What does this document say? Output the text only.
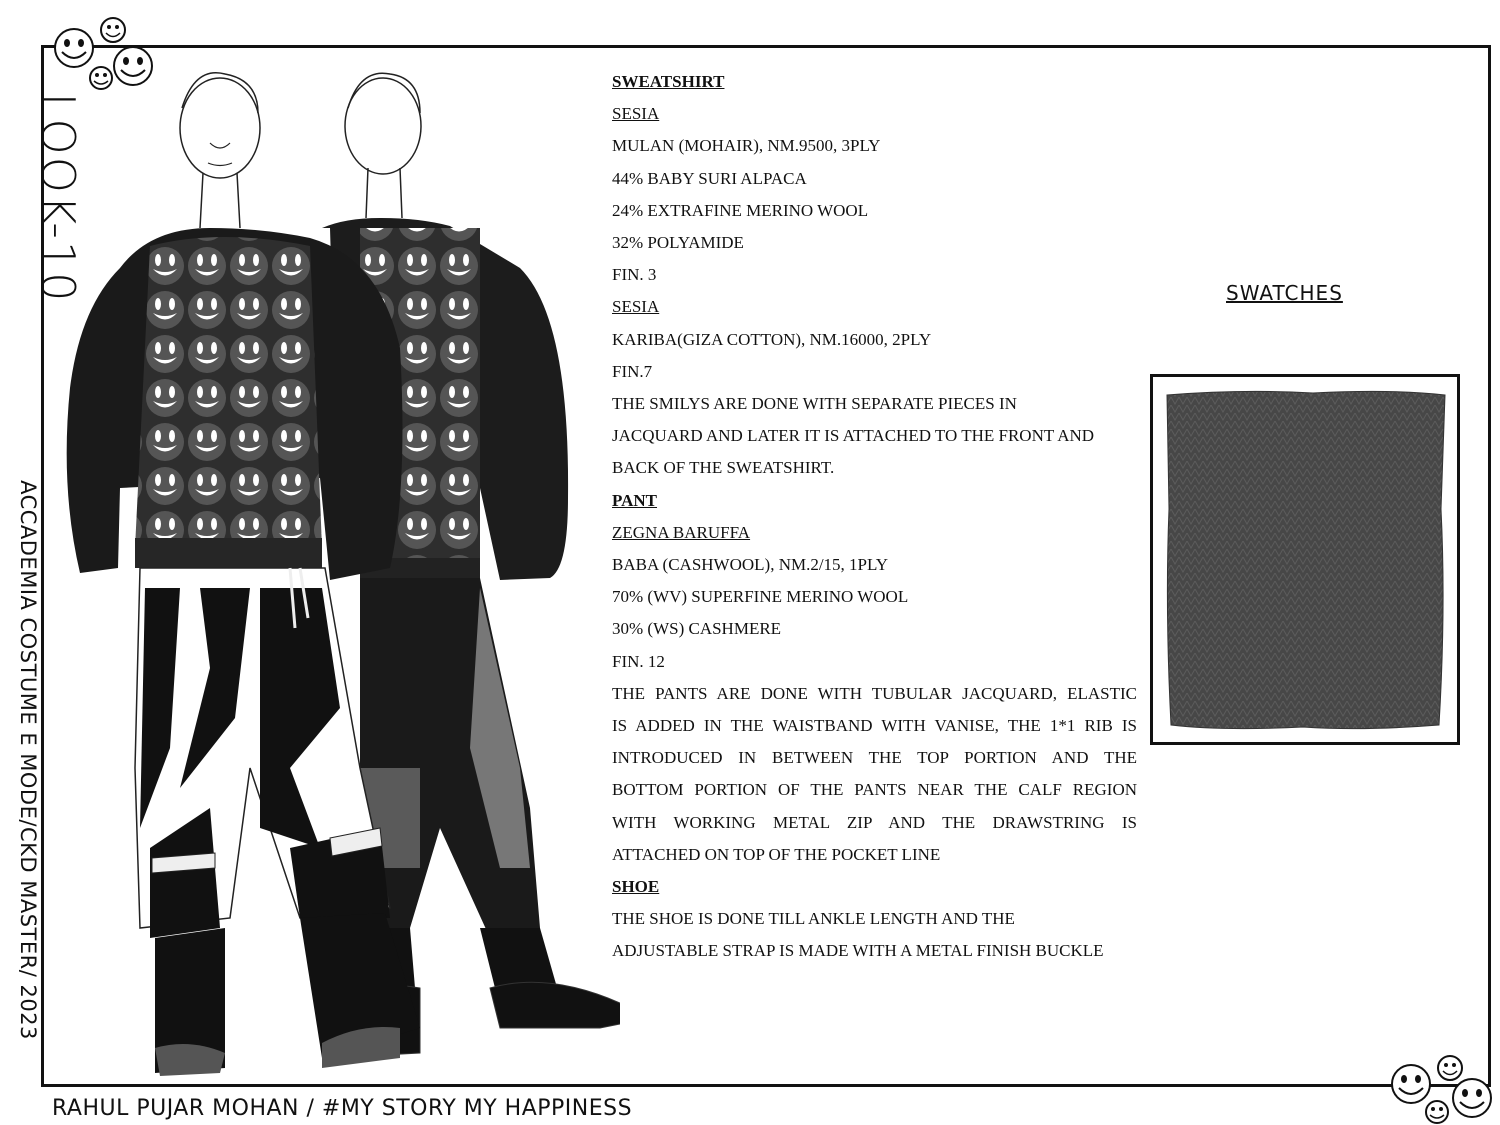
LOOK-10
ACCADEMIA COSTUME E MODE/CKD MASTER/ 2023
SWEATSHIRT
SESIA
MULAN (MOHAIR), NM.9500, 3PLY
44% BABY SURI ALPACA
24% EXTRAFINE MERINO WOOL
32% POLYAMIDE
FIN. 3
SESIA
KARIBA(GIZA COTTON), NM.16000, 2PLY
FIN.7
THE SMILYS ARE DONE WITH SEPARATE PIECES IN
JACQUARD AND LATER IT IS ATTACHED TO THE FRONT AND
BACK OF THE SWEATSHIRT.
PANT
ZEGNA BARUFFA
BABA (CASHWOOL), NM.2/15, 1PLY
70% (WV) SUPERFINE MERINO WOOL
30% (WS) CASHMERE
FIN. 12
THE PANTS ARE DONE WITH TUBULAR JACQUARD, ELASTIC
IS ADDED IN THE WAISTBAND WITH VANISE, THE 1*1 RIB IS
INTRODUCED IN BETWEEN THE TOP PORTION AND THE
BOTTOM PORTION OF THE PANTS NEAR THE CALF REGION
WITH WORKING METAL ZIP AND THE DRAWSTRING IS
ATTACHED ON TOP OF THE POCKET LINE
SHOE
THE SHOE IS DONE TILL ANKLE LENGTH AND THE
ADJUSTABLE STRAP IS MADE WITH A METAL FINISH BUCKLE
SWATCHES
RAHUL PUJAR MOHAN / #MY STORY MY HAPPINESS
